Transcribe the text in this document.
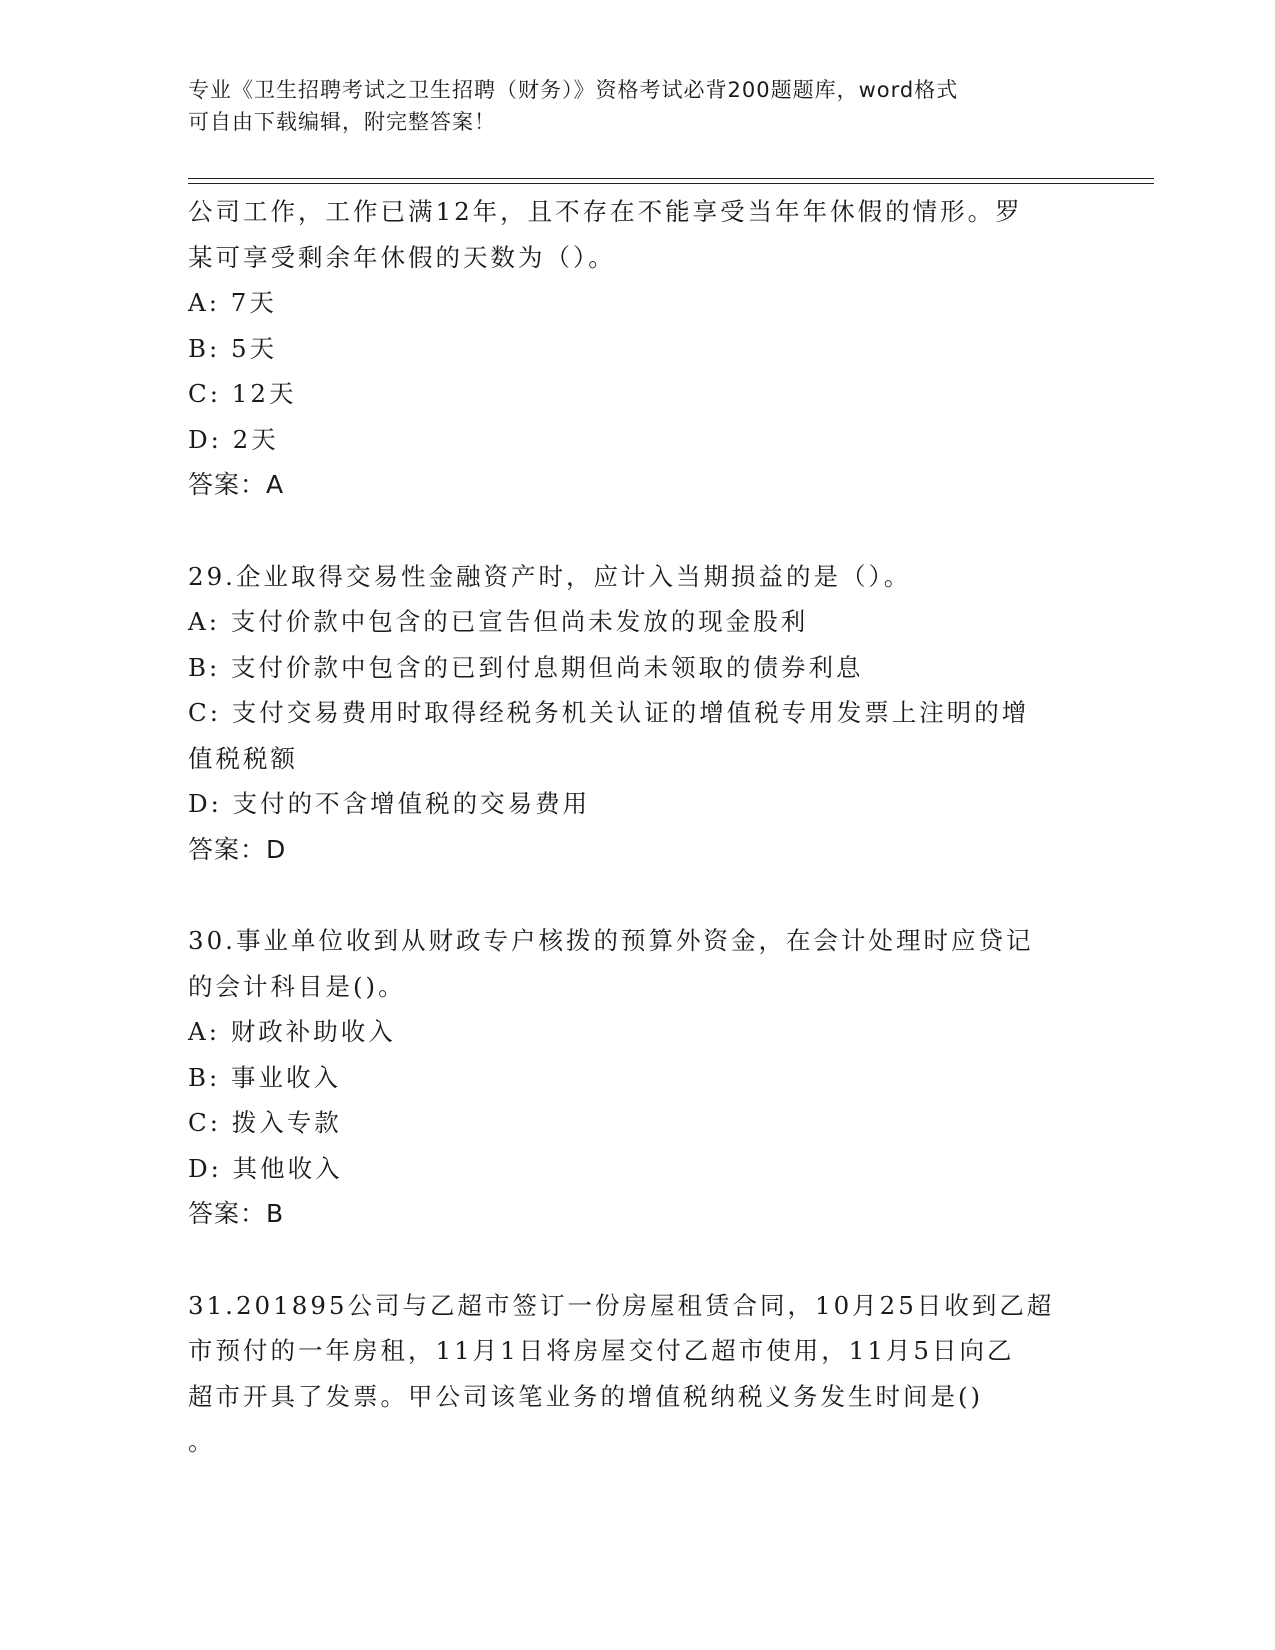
专业《卫生招聘考试之卫生招聘（财务）》资格考试必背200题题库，word格式
可自由下载编辑，附完整答案！
公司工作，工作已满12年，且不存在不能享受当年年休假的情形。罗
某可享受剩余年休假的天数为（）。
A: 7天
B: 5天
C: 12天
D: 2天
答案：A
29.企业取得交易性金融资产时，应计入当期损益的是（）。
A: 支付价款中包含的已宣告但尚未发放的现金股利
B: 支付价款中包含的已到付息期但尚未领取的债券利息
C: 支付交易费用时取得经税务机关认证的增值税专用发票上注明的增
值税税额
D: 支付的不含增值税的交易费用
答案：D
30.事业单位收到从财政专户核拨的预算外资金，在会计处理时应贷记
的会计科目是()。
A: 财政补助收入
B: 事业收入
C: 拨入专款
D: 其他收入
答案：B
31.201895公司与乙超市签订一份房屋租赁合同，10月25日收到乙超
市预付的一年房租，11月1日将房屋交付乙超市使用，11月5日向乙
超市开具了发票。甲公司该笔业务的增值税纳税义务发生时间是()
。
